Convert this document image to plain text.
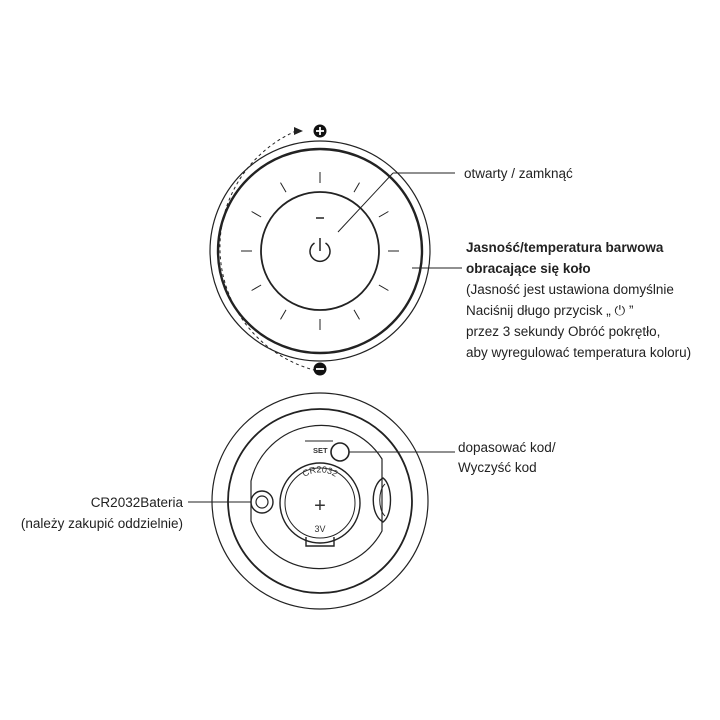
SET
CR2032
+
3V
otwarty / zamknąć
Jasność/temperatura barwowa
obracające się koło
(Jasność jest ustawiona domyślnie
Naciśnij długo przycisk „ ⏻ ”
przez 3 sekundy Obróć pokrętło,
aby wyregulować temperatura koloru)
dopasować kod/
Wyczyść kod
CR2032Bateria
(należy zakupić oddzielnie)
